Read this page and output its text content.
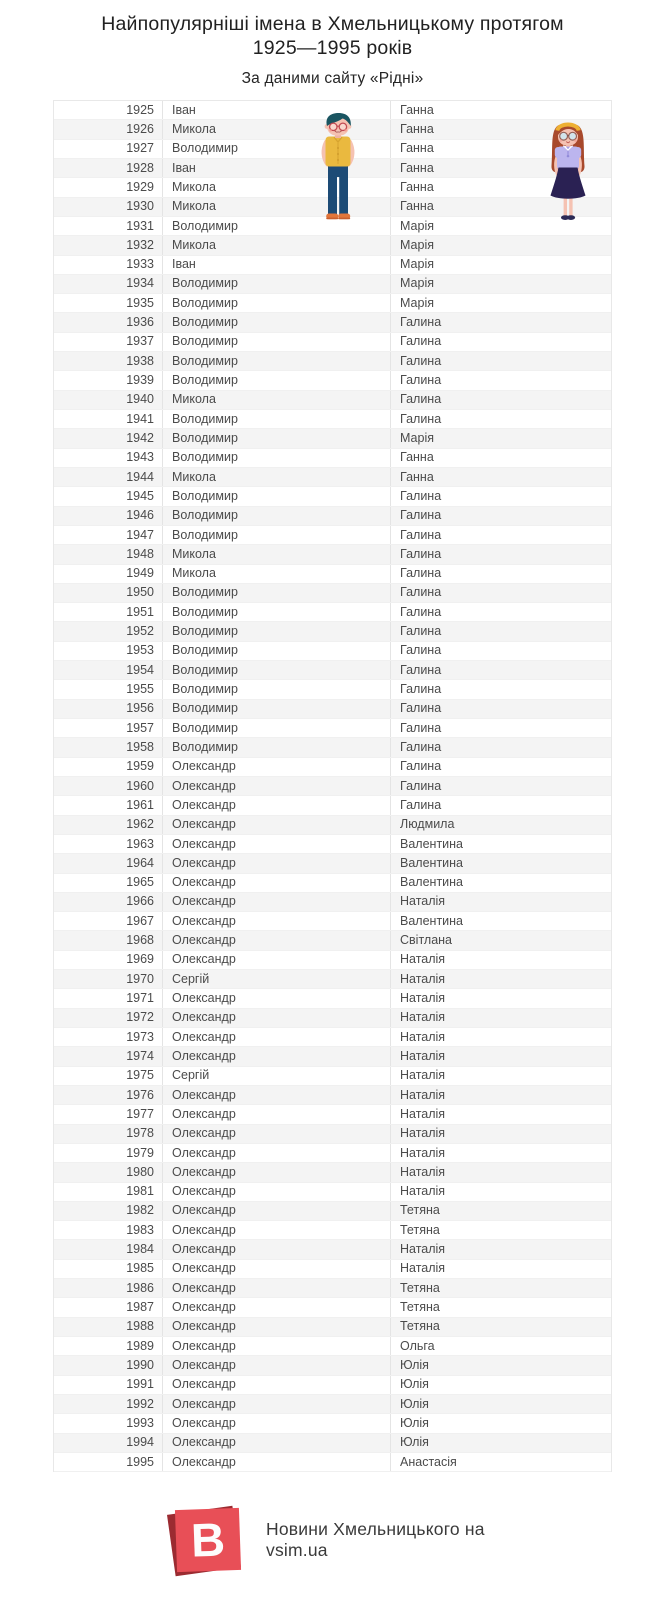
Найпопулярніші імена в Хмельницькому протягом
1925—1995 років
За даними сайту «Рідні»
1925	Іван	Ганна
1926	Микола	Ганна
1927	Володимир	Ганна
1928	Іван	Ганна
1929	Микола	Ганна
1930	Микола	Ганна
1931	Володимир	Марія
1932	Микола	Марія
1933	Іван	Марія
1934	Володимир	Марія
1935	Володимир	Марія
1936	Володимир	Галина
1937	Володимир	Галина
1938	Володимир	Галина
1939	Володимир	Галина
1940	Микола	Галина
1941	Володимир	Галина
1942	Володимир	Марія
1943	Володимир	Ганна
1944	Микола	Ганна
1945	Володимир	Галина
1946	Володимир	Галина
1947	Володимир	Галина
1948	Микола	Галина
1949	Микола	Галина
1950	Володимир	Галина
1951	Володимир	Галина
1952	Володимир	Галина
1953	Володимир	Галина
1954	Володимир	Галина
1955	Володимир	Галина
1956	Володимир	Галина
1957	Володимир	Галина
1958	Володимир	Галина
1959	Олександр	Галина
1960	Олександр	Галина
1961	Олександр	Галина
1962	Олександр	Людмила
1963	Олександр	Валентина
1964	Олександр	Валентина
1965	Олександр	Валентина
1966	Олександр	Наталія
1967	Олександр	Валентина
1968	Олександр	Світлана
1969	Олександр	Наталія
1970	Сергій	Наталія
1971	Олександр	Наталія
1972	Олександр	Наталія
1973	Олександр	Наталія
1974	Олександр	Наталія
1975	Сергій	Наталія
1976	Олександр	Наталія
1977	Олександр	Наталія
1978	Олександр	Наталія
1979	Олександр	Наталія
1980	Олександр	Наталія
1981	Олександр	Наталія
1982	Олександр	Тетяна
1983	Олександр	Тетяна
1984	Олександр	Наталія
1985	Олександр	Наталія
1986	Олександр	Тетяна
1987	Олександр	Тетяна
1988	Олександр	Тетяна
1989	Олександр	Ольга
1990	Олександр	Юлія
1991	Олександр	Юлія
1992	Олександр	Юлія
1993	Олександр	Юлія
1994	Олександр	Юлія
1995	Олександр	Анастасія
B Новини Хмельницького на
vsim.ua
